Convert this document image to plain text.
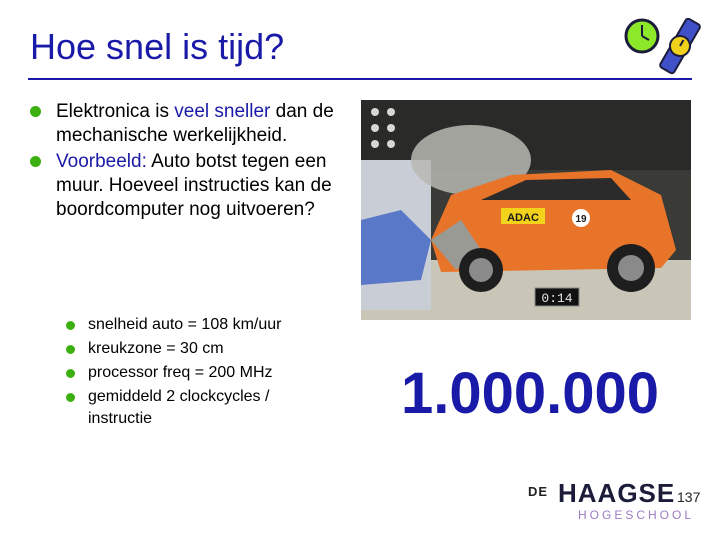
Hoe snel is tijd?
Elektronica is veel sneller dan de mechanische werkelijkheid.
Voorbeeld: Auto botst tegen een muur. Hoeveel instructies kan de boordcomputer nog uitvoeren?
snelheid auto = 108 km/uur
kreukzone = 30 cm
processor freq = 200 MHz
gemiddeld 2 clockcycles / instructie
ADAC	19
0:14
1.000.000
DE HAAGSE
HOGESCHOOL
137
